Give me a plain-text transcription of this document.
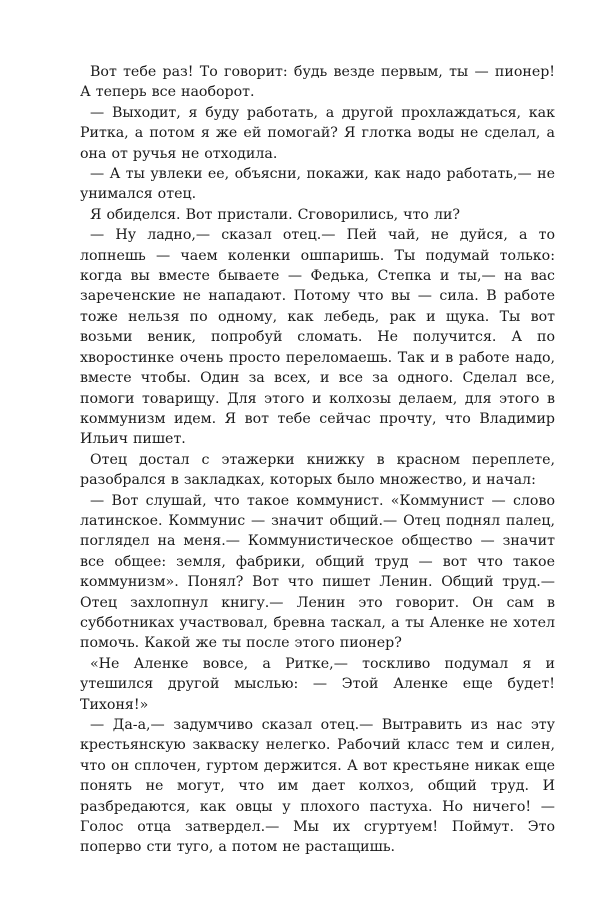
Вот тебе раз! То говорит: будь везде первым, ты — пионер! А теперь все наоборот.

— Выходит, я буду работать, а другой прохлаждаться, как Ритка, а потом я же ей помогай? Я глотка воды не сделал, а она от ручья не отходила.

— А ты увлеки ее, объясни, покажи, как надо работать,— не унимался отец.

Я обиделся. Вот пристали. Сговорились, что ли?

— Ну ладно,— сказал отец.— Пей чай, не дуйся, а то лопнешь — чаем коленки ошпаришь. Ты подумай только: когда вы вместе бываете — Федька, Степка и ты,— на вас зареченские не нападают. Потому что вы — сила. В работе тоже нельзя по одному, как лебедь, рак и щука. Ты вот возьми веник, попробуй сломать. Не получится. А по хворостинке очень просто переломаешь. Так и в работе надо, вместе чтобы. Один за всех, и все за одного. Сделал все, помоги товарищу. Для этого и колхозы делаем, для этого в коммунизм идем. Я вот тебе сейчас прочту, что Владимир Ильич пишет.

Отец достал с этажерки книжку в красном переплете, разобрался в закладках, которых было множество, и начал:

— Вот слушай, что такое коммунист. «Коммунист — слово латинское. Коммунис — значит общий.— Отец поднял палец, поглядел на меня.— Коммунистическое общество — значит все общее: земля, фабрики, общий труд — вот что такое коммунизм». Понял? Вот что пишет Ленин. Общий труд.— Отец захлопнул книгу.— Ленин это говорит. Он сам в субботниках участвовал, бревна таскал, а ты Аленке не хотел помочь. Какой же ты после этого пионер?

«Не Аленке вовсе, а Ритке,— тоскливо подумал я и утешился другой мыслью: — Этой Аленке еще будет! Тихоня!»

— Да-а,— задумчиво сказал отец.— Вытравить из нас эту крестьянскую закваску нелегко. Рабочий класс тем и силен, что он сплочен, гуртом держится. А вот крестьяне никак еще понять не могут, что им дает колхоз, общий труд. И разбредаются, как овцы у плохого пастуха. Но ничего! — Голос отца затвердел.— Мы их сгуртуем! Поймут. Это поперво сти туго, а потом не растащишь.
